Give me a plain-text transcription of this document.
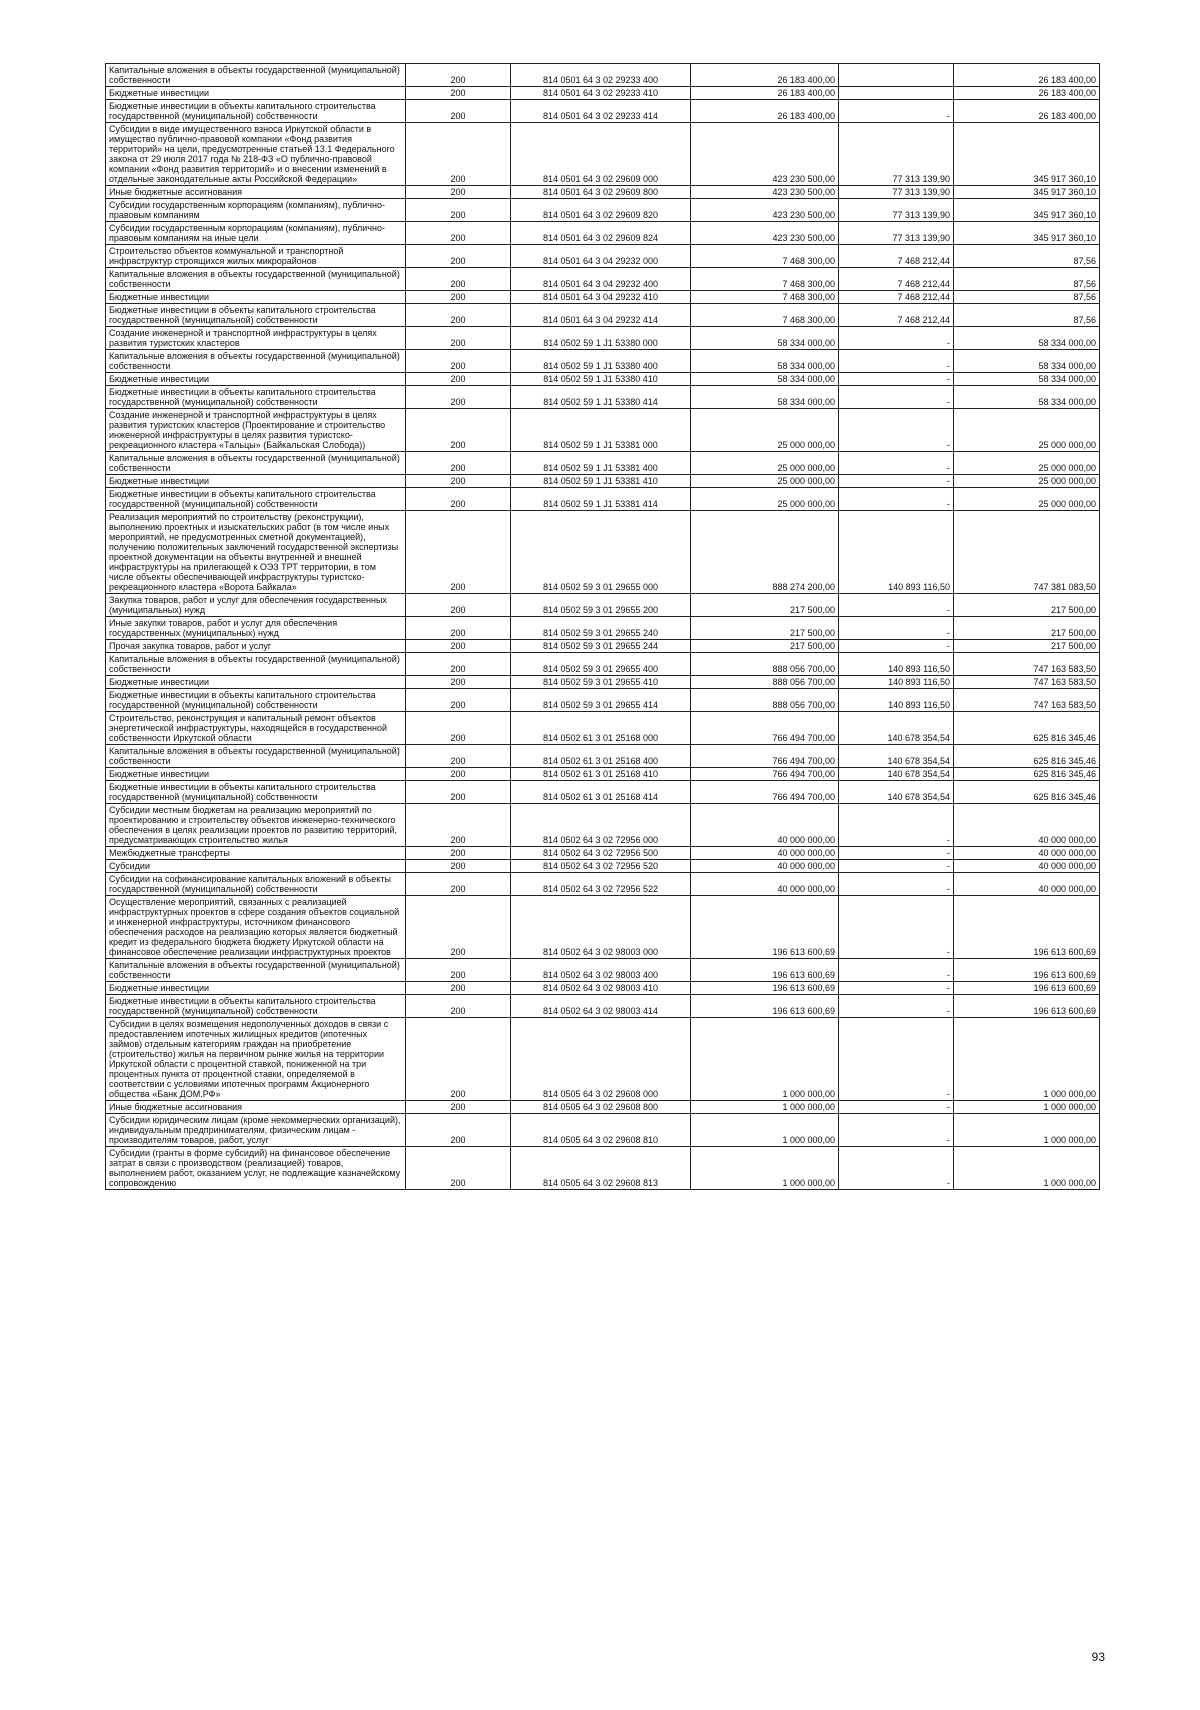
Капитальные вложения в объекты государственной (муниципальной) собственности	200	814 0501 64 3 02 29233 400	26 183 400,00		26 183 400,00
Бюджетные инвестиции	200	814 0501 64 3 02 29233 410	26 183 400,00		26 183 400,00
Бюджетные инвестиции в объекты капитального строительства государственной (муниципальной) собственности	200	814 0501 64 3 02 29233 414	26 183 400,00	-	26 183 400,00
Субсидии в виде имущественного взноса Иркутской области в имущество публично-правовой компании «Фонд развития территорий» на цели, предусмотренные статьей 13.1 Федерального закона от 29 июля 2017 года № 218-ФЗ «О публично-правовой компании «Фонд развития территорий» и о внесении изменений в отдельные законодательные акты Российской Федерации»	200	814 0501 64 3 02 29609 000	423 230 500,00	77 313 139,90	345 917 360,10
Иные бюджетные ассигнования	200	814 0501 64 3 02 29609 800	423 230 500,00	77 313 139,90	345 917 360,10
Субсидии государственным корпорациям (компаниям), публично-правовым компаниям	200	814 0501 64 3 02 29609 820	423 230 500,00	77 313 139,90	345 917 360,10
Субсидии государственным корпорациям (компаниям), публично-правовым компаниям на иные цели	200	814 0501 64 3 02 29609 824	423 230 500,00	77 313 139,90	345 917 360,10
Строительство объектов коммунальной и транспортной инфраструктур строящихся жилых микрорайонов	200	814 0501 64 3 04 29232 000	7 468 300,00	7 468 212,44	87,56
Капитальные вложения в объекты государственной (муниципальной) собственности	200	814 0501 64 3 04 29232 400	7 468 300,00	7 468 212,44	87,56
Бюджетные инвестиции	200	814 0501 64 3 04 29232 410	7 468 300,00	7 468 212,44	87,56
Бюджетные инвестиции в объекты капитального строительства государственной (муниципальной) собственности	200	814 0501 64 3 04 29232 414	7 468 300,00	7 468 212,44	87,56
Создание инженерной и транспортной инфраструктуры в целях развития туристских кластеров	200	814 0502 59 1 J1 53380 000	58 334 000,00	-	58 334 000,00
Капитальные вложения в объекты государственной (муниципальной) собственности	200	814 0502 59 1 J1 53380 400	58 334 000,00	-	58 334 000,00
Бюджетные инвестиции	200	814 0502 59 1 J1 53380 410	58 334 000,00	-	58 334 000,00
Бюджетные инвестиции в объекты капитального строительства государственной (муниципальной) собственности	200	814 0502 59 1 J1 53380 414	58 334 000,00	-	58 334 000,00
Создание инженерной и транспортной инфраструктуры в целях развития туристских кластеров (Проектирование и строительство инженерной инфраструктуры в целях развития туристско-рекреационного кластера «Тальцы» (Байкальская Слобода))	200	814 0502 59 1 J1 53381 000	25 000 000,00	-	25 000 000,00
Капитальные вложения в объекты государственной (муниципальной) собственности	200	814 0502 59 1 J1 53381 400	25 000 000,00	-	25 000 000,00
Бюджетные инвестиции	200	814 0502 59 1 J1 53381 410	25 000 000,00	-	25 000 000,00
Бюджетные инвестиции в объекты капитального строительства государственной (муниципальной) собственности	200	814 0502 59 1 J1 53381 414	25 000 000,00	-	25 000 000,00
Реализация мероприятий по строительству (реконструкции), выполнению проектных и изыскательских работ (в том числе иных мероприятий, не предусмотренных сметной документацией), получению положительных заключений государственной экспертизы проектной документации на объекты внутренней и внешней инфраструктуры на прилегающей к ОЭЗ ТРТ территории, в том числе объекты обеспечивающей инфраструктуры туристско-рекреационного кластера «Ворота Байкала»	200	814 0502 59 3 01 29655 000	888 274 200,00	140 893 116,50	747 381 083,50
Закупка товаров, работ и услуг для обеспечения государственных (муниципальных) нужд	200	814 0502 59 3 01 29655 200	217 500,00	-	217 500,00
Иные закупки товаров, работ и услуг для обеспечения государственных (муниципальных) нужд	200	814 0502 59 3 01 29655 240	217 500,00	-	217 500,00
Прочая закупка товаров, работ и услуг	200	814 0502 59 3 01 29655 244	217 500,00	-	217 500,00
Капитальные вложения в объекты государственной (муниципальной) собственности	200	814 0502 59 3 01 29655 400	888 056 700,00	140 893 116,50	747 163 583,50
Бюджетные инвестиции	200	814 0502 59 3 01 29655 410	888 056 700,00	140 893 116,50	747 163 583,50
Бюджетные инвестиции в объекты капитального строительства государственной (муниципальной) собственности	200	814 0502 59 3 01 29655 414	888 056 700,00	140 893 116,50	747 163 583,50
Строительство, реконструкция и капитальный ремонт объектов энергетической инфраструктуры, находящейся в государственной собственности Иркутской области	200	814 0502 61 3 01 25168 000	766 494 700,00	140 678 354,54	625 816 345,46
Капитальные вложения в объекты государственной (муниципальной) собственности	200	814 0502 61 3 01 25168 400	766 494 700,00	140 678 354,54	625 816 345,46
Бюджетные инвестиции	200	814 0502 61 3 01 25168 410	766 494 700,00	140 678 354,54	625 816 345,46
Бюджетные инвестиции в объекты капитального строительства государственной (муниципальной) собственности	200	814 0502 61 3 01 25168 414	766 494 700,00	140 678 354,54	625 816 345,46
Субсидии местным бюджетам на реализацию мероприятий по проектированию и строительству объектов инженерно-технического обеспечения в целях реализации проектов по развитию территорий, предусматривающих строительство жилья	200	814 0502 64 3 02 72956 000	40 000 000,00	-	40 000 000,00
Межбюджетные трансферты	200	814 0502 64 3 02 72956 500	40 000 000,00	-	40 000 000,00
Субсидии	200	814 0502 64 3 02 72956 520	40 000 000,00	-	40 000 000,00
Субсидии на софинансирование капитальных вложений в объекты государственной (муниципальной) собственности	200	814 0502 64 3 02 72956 522	40 000 000,00	-	40 000 000,00
Осуществление мероприятий, связанных с реализацией инфраструктурных проектов в сфере создания объектов социальной и инженерной инфраструктуры, источником финансового обеспечения расходов на реализацию которых является бюджетный кредит из федерального бюджета бюджету Иркутской области на финансовое обеспечение реализации инфраструктурных проектов	200	814 0502 64 3 02 98003 000	196 613 600,69	-	196 613 600,69
Капитальные вложения в объекты государственной (муниципальной) собственности	200	814 0502 64 3 02 98003 400	196 613 600,69	-	196 613 600,69
Бюджетные инвестиции	200	814 0502 64 3 02 98003 410	196 613 600,69	-	196 613 600,69
Бюджетные инвестиции в объекты капитального строительства государственной (муниципальной) собственности	200	814 0502 64 3 02 98003 414	196 613 600,69	-	196 613 600,69
Субсидии в целях возмещения недополученных доходов в связи с предоставлением ипотечных жилищных кредитов (ипотечных займов) отдельным категориям граждан на приобретение (строительство) жилья на первичном рынке жилья на территории Иркутской области с процентной ставкой, пониженной на три процентных пункта от процентной ставки, определяемой в соответствии с условиями ипотечных программ Акционерного общества «Банк ДОМ.РФ»	200	814 0505 64 3 02 29608 000	1 000 000,00	-	1 000 000,00
Иные бюджетные ассигнования	200	814 0505 64 3 02 29608 800	1 000 000,00	-	1 000 000,00
Субсидии юридическим лицам (кроме некоммерческих организаций), индивидуальным предпринимателям, физическим лицам - производителям товаров, работ, услуг	200	814 0505 64 3 02 29608 810	1 000 000,00	-	1 000 000,00
Субсидии (гранты в форме субсидий) на финансовое обеспечение затрат в связи с производством (реализацией) товаров, выполнением работ, оказанием услуг, не подлежащие казначейскому сопровождению	200	814 0505 64 3 02 29608 813	1 000 000,00	-	1 000 000,00
93
